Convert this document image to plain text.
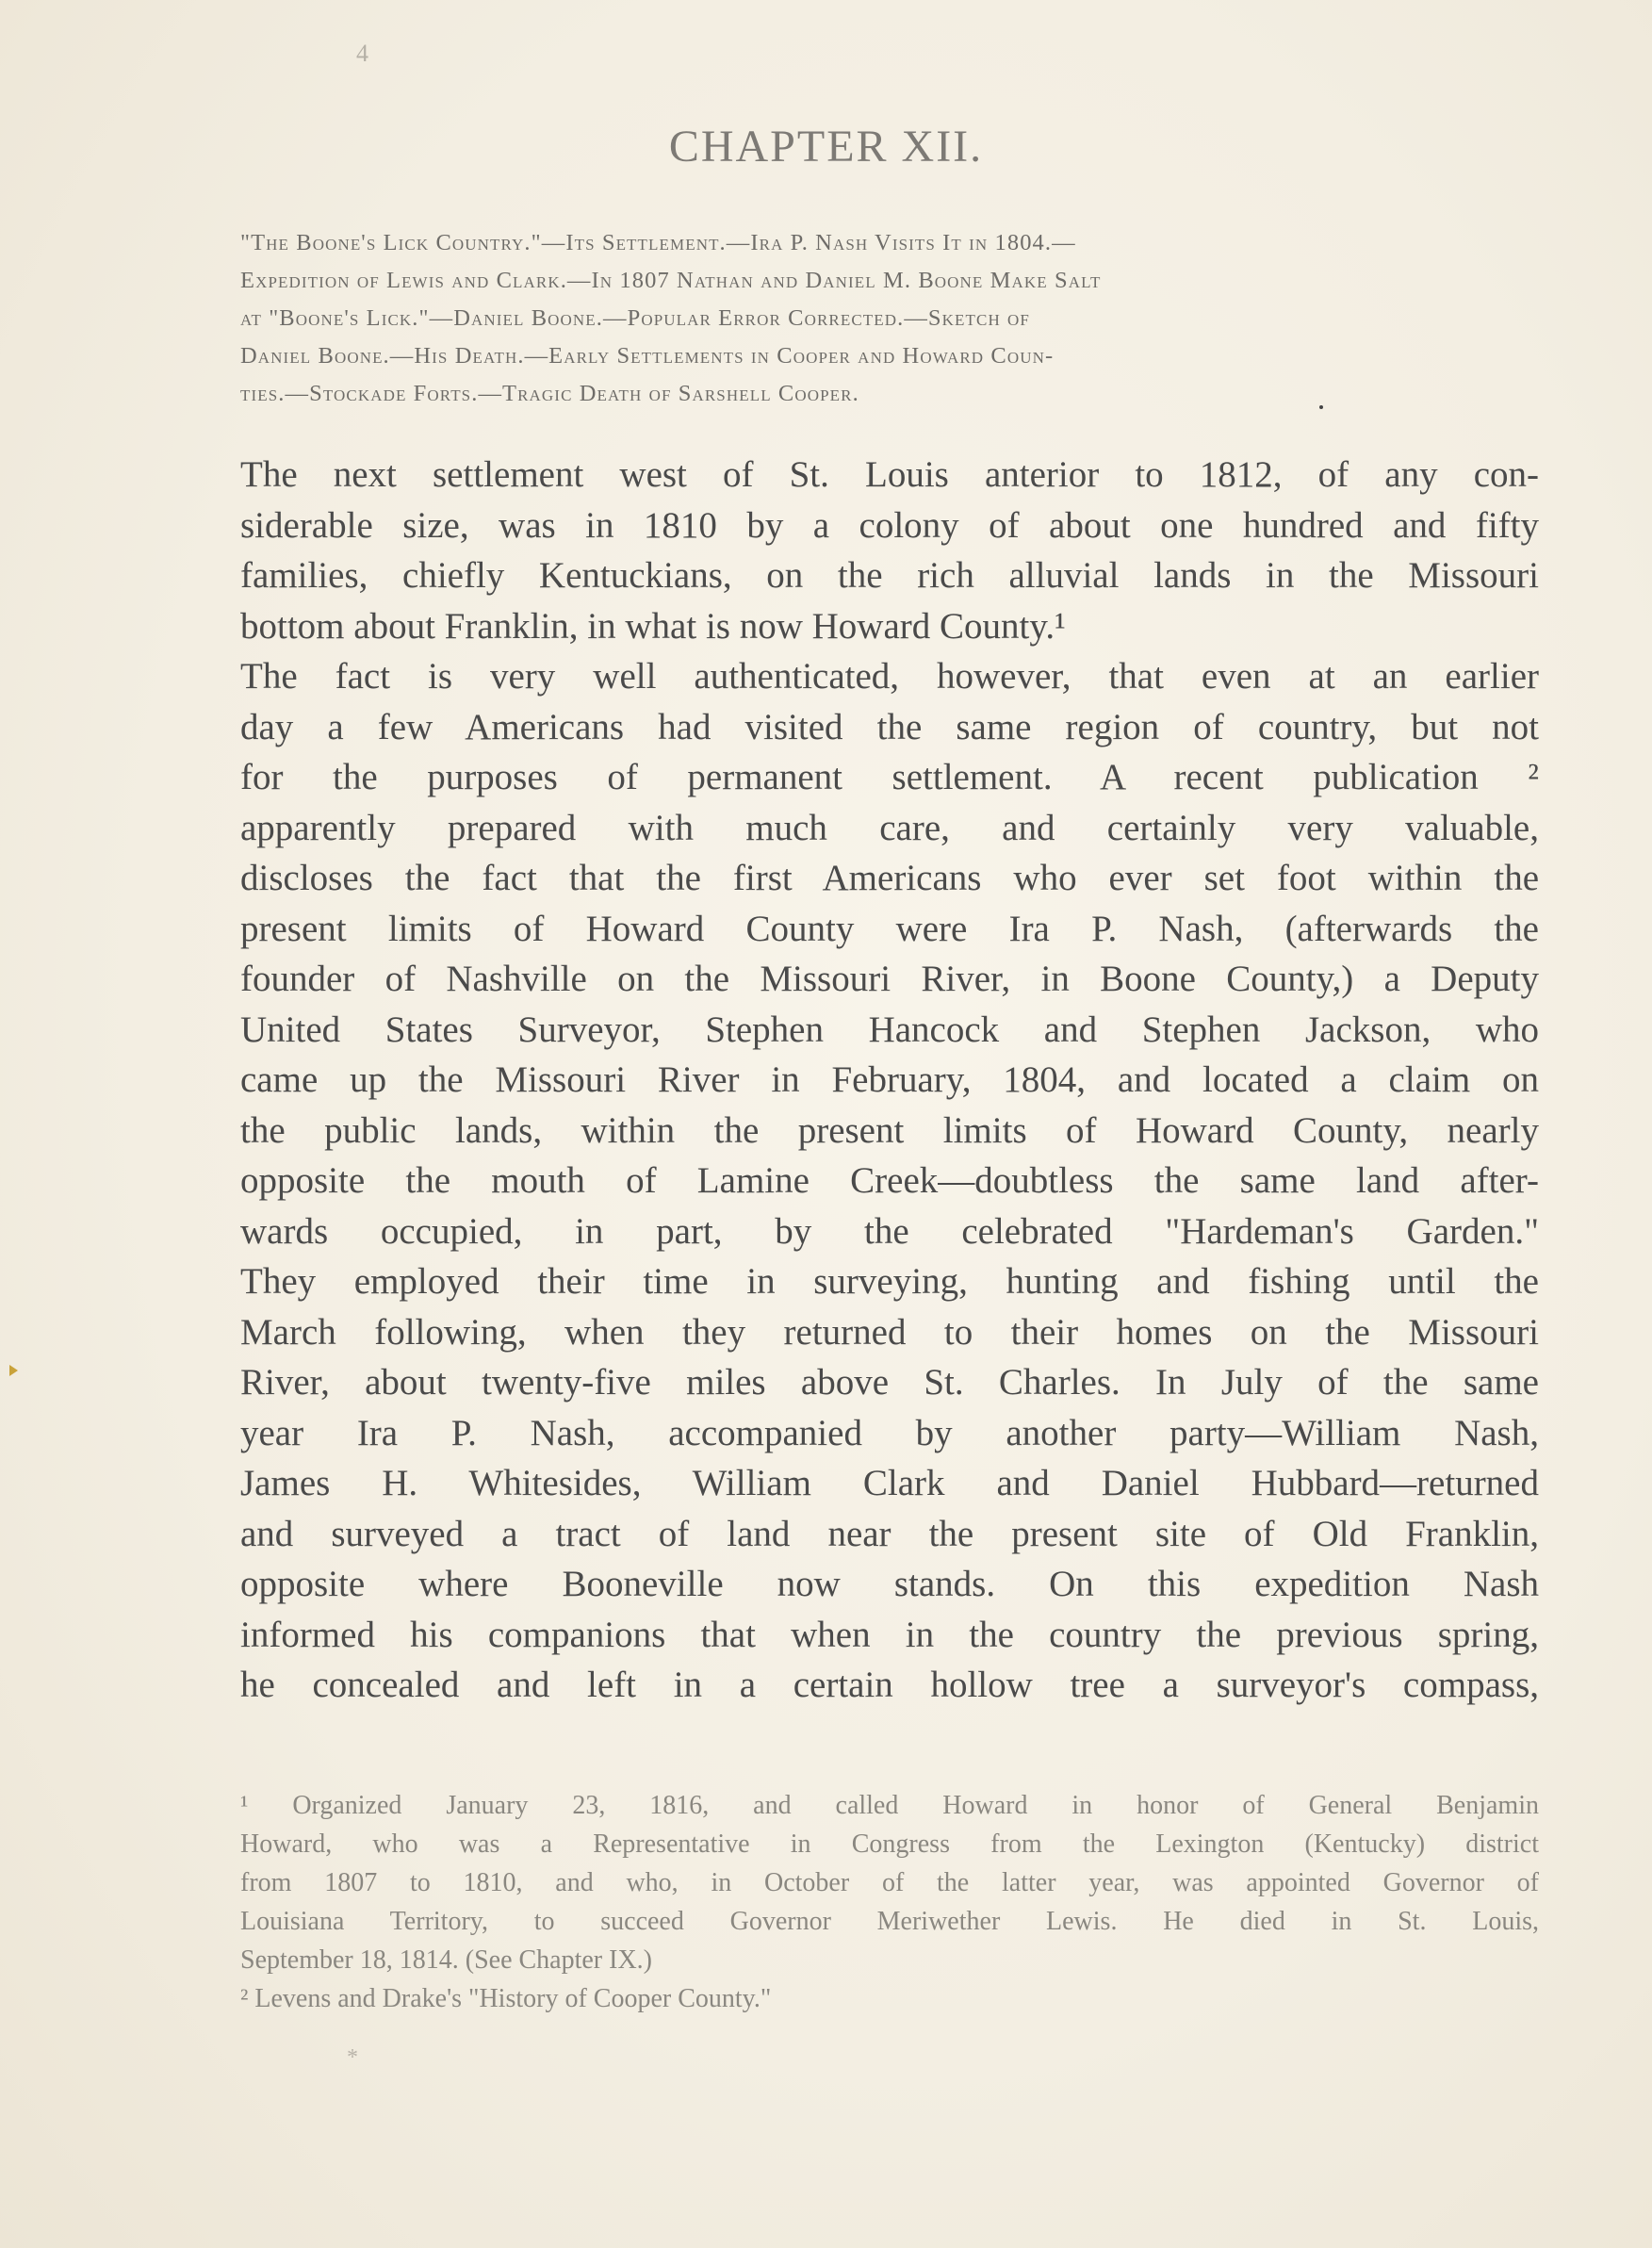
4
CHAPTER XII.
"The Boone's Lick Country."—Its Settlement.—Ira P. Nash Visits It in 1804.—
Expedition of Lewis and Clark.—In 1807 Nathan and Daniel M. Boone Make Salt
at "Boone's Lick."—Daniel Boone.—Popular Error Corrected.—Sketch of
Daniel Boone.—His Death.—Early Settlements in Cooper and Howard Coun-
ties.—Stockade Forts.—Tragic Death of Sarshell Cooper.
The next settlement west of St. Louis anterior to 1812, of any con-
siderable size, was in 1810 by a colony of about one hundred and fifty
families, chiefly Kentuckians, on the rich alluvial lands in the Missouri
bottom about Franklin, in what is now Howard County.¹
The fact is very well authenticated, however, that even at an earlier
day a few Americans had visited the same region of country, but not
for the purposes of permanent settlement. A recent publication ²
apparently prepared with much care, and certainly very valuable,
discloses the fact that the first Americans who ever set foot within the
present limits of Howard County were Ira P. Nash, (afterwards the
founder of Nashville on the Missouri River, in Boone County,) a Deputy
United States Surveyor, Stephen Hancock and Stephen Jackson, who
came up the Missouri River in February, 1804, and located a claim on
the public lands, within the present limits of Howard County, nearly
opposite the mouth of Lamine Creek—doubtless the same land after-
wards occupied, in part, by the celebrated "Hardeman's Garden."
They employed their time in surveying, hunting and fishing until the
March following, when they returned to their homes on the Missouri
River, about twenty-five miles above St. Charles. In July of the same
year Ira P. Nash, accompanied by another party—William Nash,
James H. Whitesides, William Clark and Daniel Hubbard—returned
and surveyed a tract of land near the present site of Old Franklin,
opposite where Booneville now stands. On this expedition Nash
informed his companions that when in the country the previous spring,
he concealed and left in a certain hollow tree a surveyor's compass,
¹ Organized January 23, 1816, and called Howard in honor of General Benjamin
Howard, who was a Representative in Congress from the Lexington (Kentucky) district
from 1807 to 1810, and who, in October of the latter year, was appointed Governor of
Louisiana Territory, to succeed Governor Meriwether Lewis. He died in St. Louis,
September 18, 1814. (See Chapter IX.)
² Levens and Drake's "History of Cooper County."
*
